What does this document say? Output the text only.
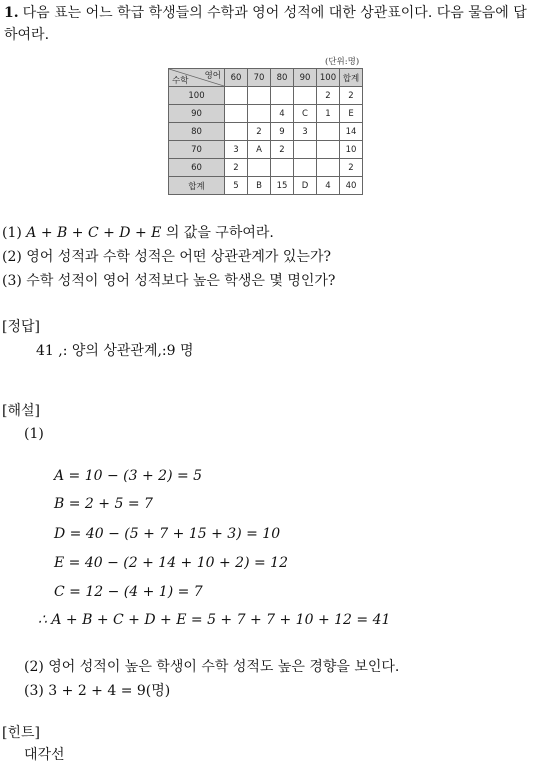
1. 다음 표는 어느 학급 학생들의 수학과 영어 성적에 대한 상관표이다. 다음 물음에 답하여라.
(단위:명)
영어
수학	60	70	80	90	100	합계
100					2	2
90			4	C	1	E
80		2	9	3		14
70	3	A	2			10
60	2					2
합계	5	B	15	D	4	40
(1) A + B + C + D + E 의 값을 구하여라.
(2) 영어 성적과 수학 성적은 어떤 상관관계가 있는가?
(3) 수학 성적이 영어 성적보다 높은 학생은 몇 명인가?
[정답]
41 ,: 양의 상관관계,:9 명
[해설]
(1)
A = 10 − (3 + 2) = 5
B = 2 + 5 = 7
D = 40 − (5 + 7 + 15 + 3) = 10
E = 40 − (2 + 14 + 10 + 2) = 12
C = 12 − (4 + 1) = 7
∴ A + B + C + D + E = 5 + 7 + 7 + 10 + 12 = 41
(2) 영어 성적이 높은 학생이 수학 성적도 높은 경향을 보인다.
(3) 3 + 2 + 4 = 9(명)
[힌트]
대각선
